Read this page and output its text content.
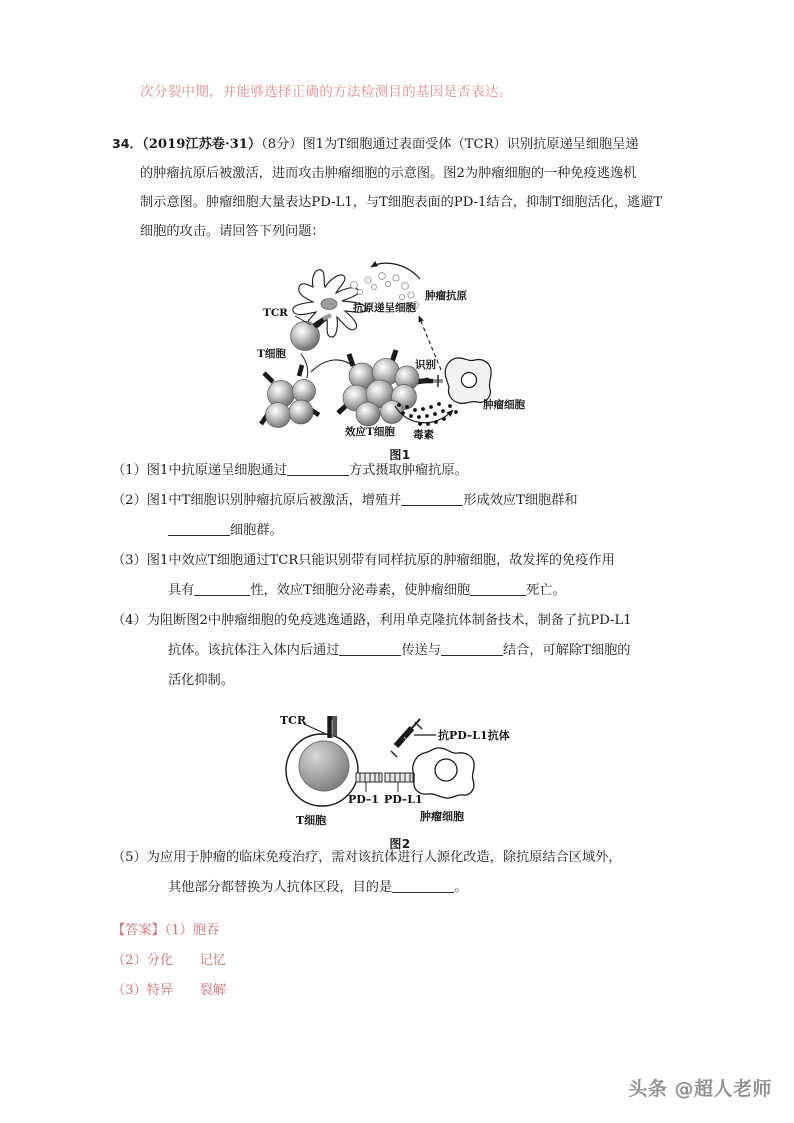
次分裂中期，并能够选择正确的方法检测目的基因是否表达。
34．（2019江苏卷·31）（8分）图1为T细胞通过表面受体（TCR）识别抗原递呈细胞呈递
的肿瘤抗原后被激活，进而攻击肿瘤细胞的示意图。图2为肿瘤细胞的一种免疫逃逸机
制示意图。肿瘤细胞大量表达PD-L1，与T细胞表面的PD-1结合，抑制T细胞活化，逃避T
细胞的攻击。请回答下列问题：
TCR
T细胞
抗原递呈细胞
肿瘤抗原
识别
肿瘤细胞
效应T细胞 毒素
图1
（1）图1中抗原递呈细胞通过	方式摄取肿瘤抗原。
（2）图1中T细胞识别肿瘤抗原后被激活，增殖并	形成效应T细胞群和
细胞群。
（3）图1中效应T细胞通过TCR只能识别带有同样抗原的肿瘤细胞，故发挥的免疫作用
具有	性，效应T细胞分泌毒素，使肿瘤细胞	死亡。
（4）为阻断图2中肿瘤细胞的免疫逃逸通路，利用单克隆抗体制备技术，制备了抗PD-L1
抗体。该抗体注入体内后通过	传送与	结合，可解除T细胞的
活化抑制。
TCR
PD–1 PD–L1
抗PD–L1抗体
T细胞	肿瘤细胞
图2
（5）为应用于肿瘤的临床免疫治疗，需对该抗体进行人源化改造，除抗原结合区域外，
其他部分都替换为人抗体区段，目的是	。
【答案】（1）胞吞
（2）分化　　记忆
（3）特异　　裂解
头条 @超人老师
